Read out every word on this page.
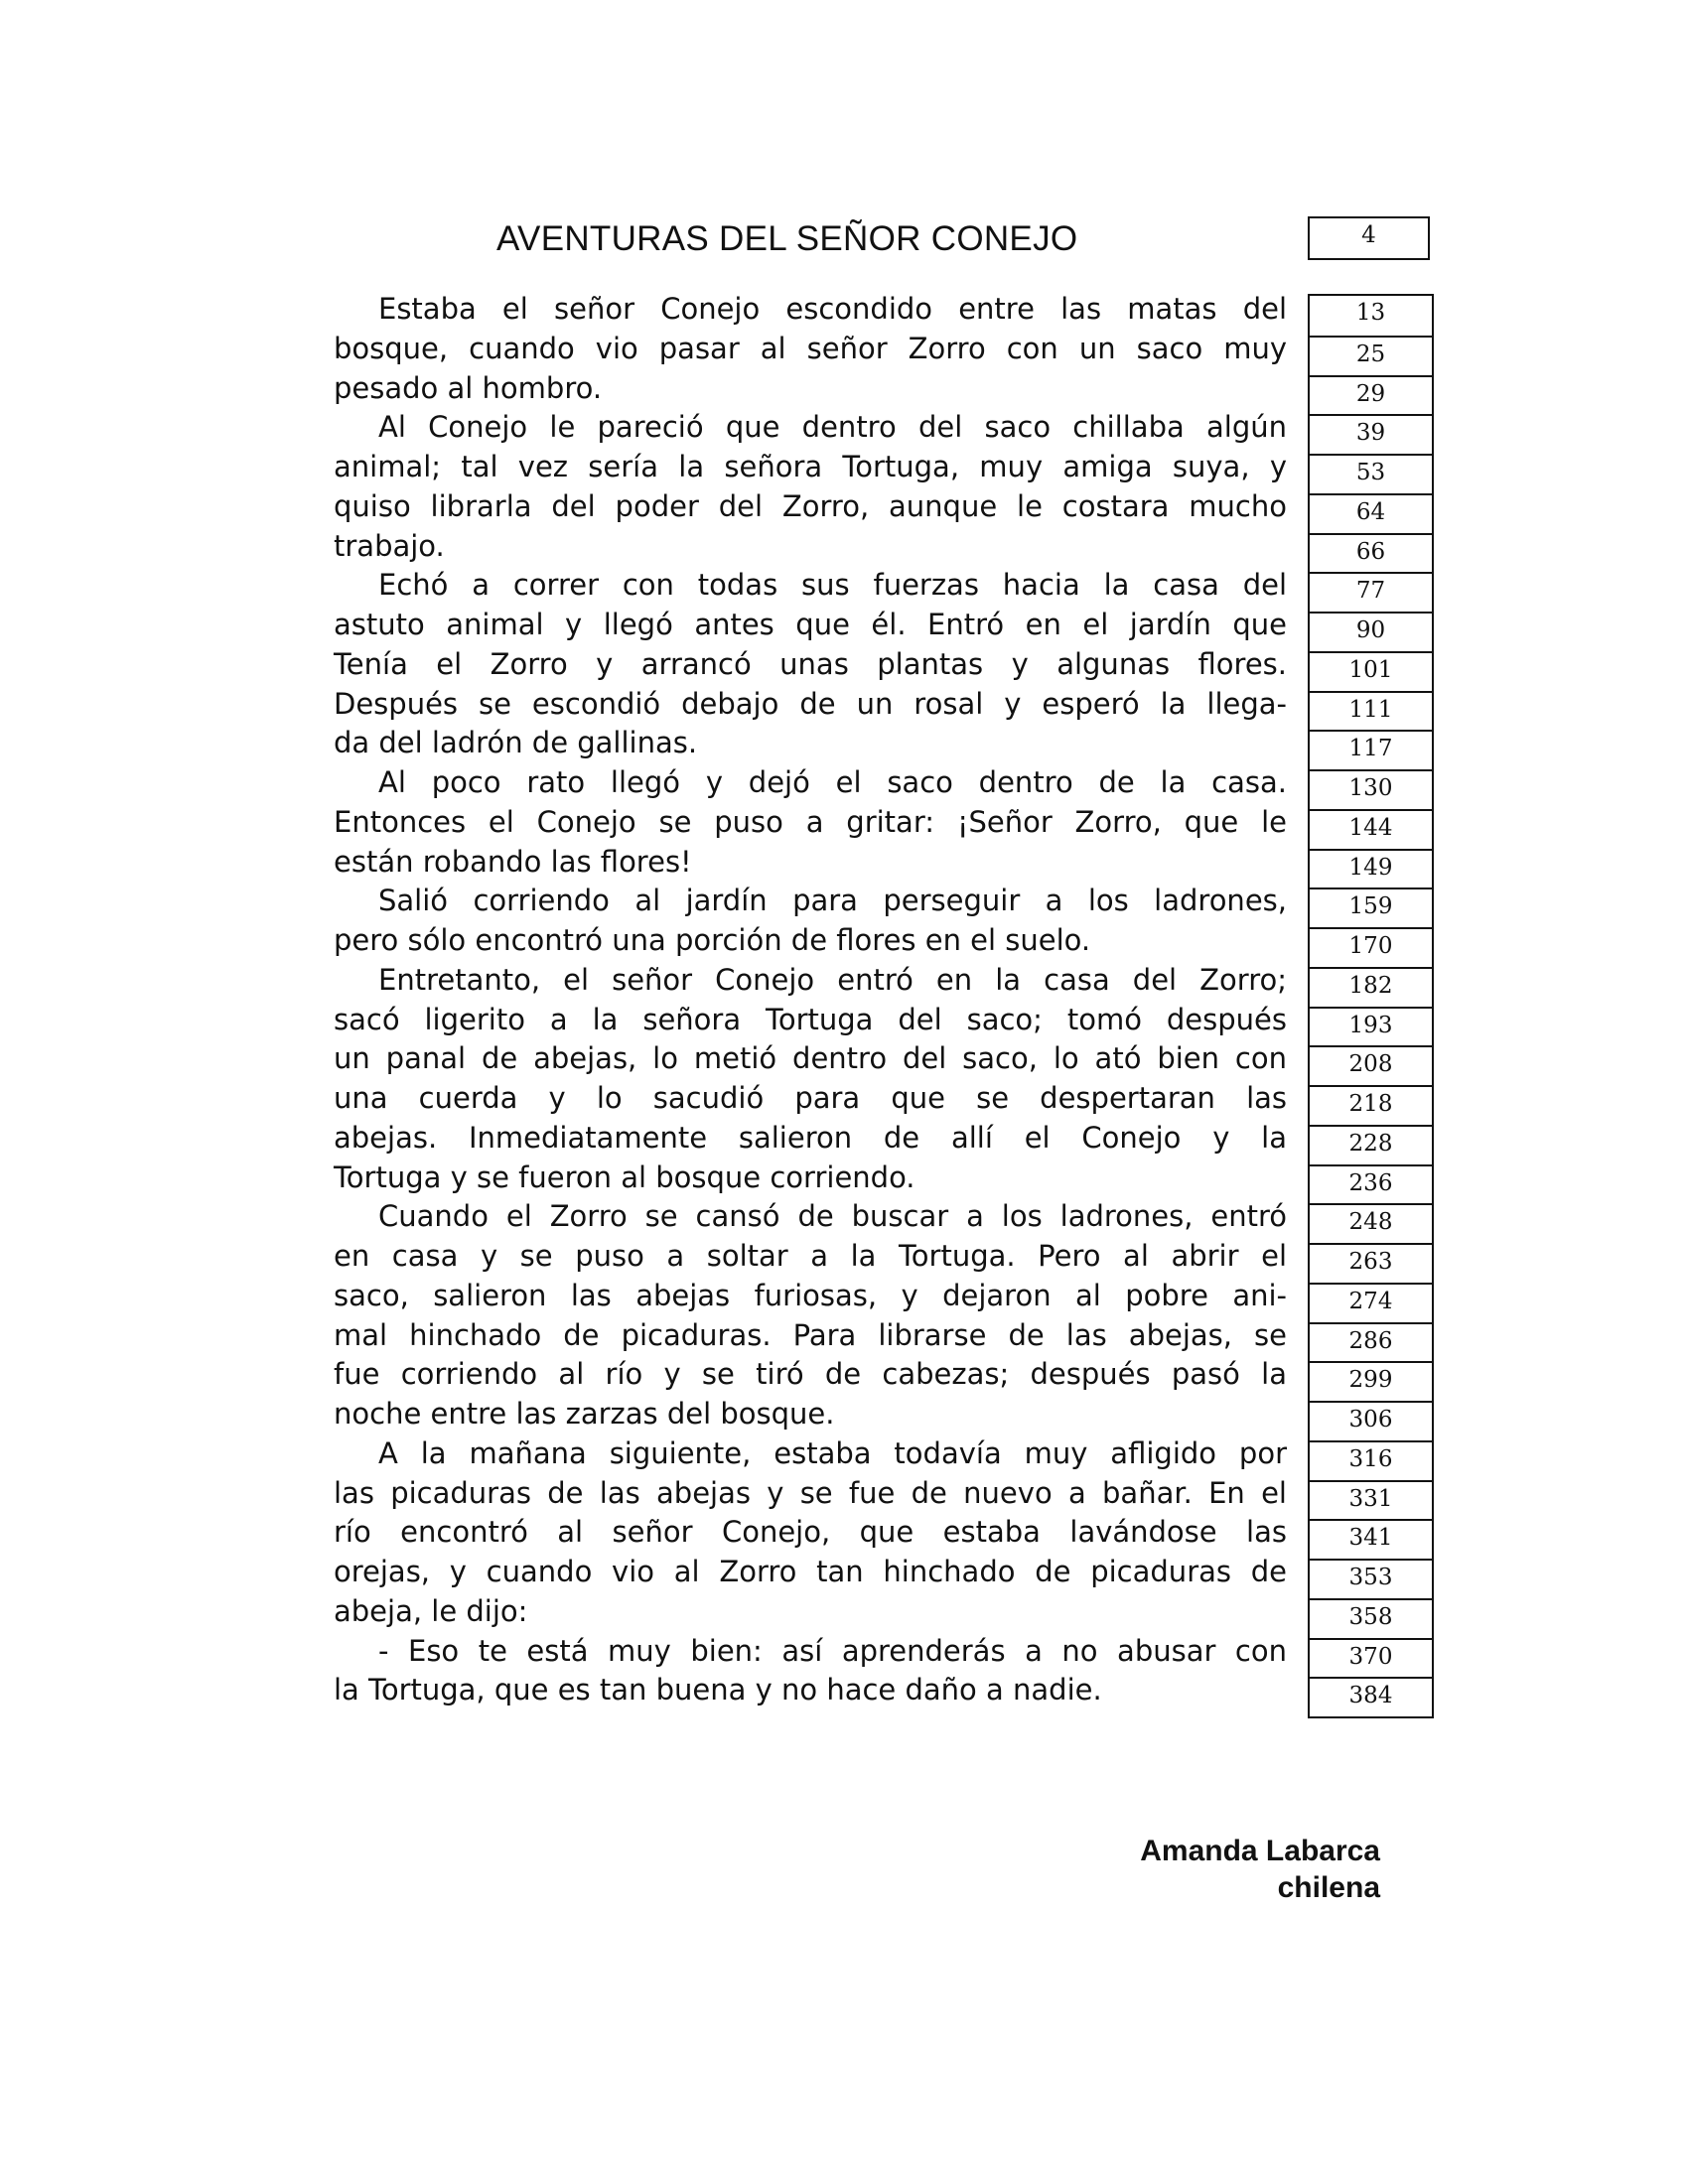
AVENTURAS DEL SEÑOR CONEJO	4
Estaba el señor Conejo escondido entre las matas del
bosque, cuando vio pasar al señor Zorro con un saco muy
pesado al hombro.
Al Conejo le pareció que dentro del saco chillaba algún
animal; tal vez sería la señora Tortuga, muy amiga suya, y
quiso librarla del poder del Zorro, aunque le costara mucho
trabajo.
Echó a correr con todas sus fuerzas hacia la casa del
astuto animal y llegó antes que él. Entró en el jardín que
Tenía el Zorro y arrancó unas plantas y algunas flores.
Después se escondió debajo de un rosal y esperó la llega-
da del ladrón de gallinas.
Al poco rato llegó y dejó el saco dentro de la casa.
Entonces el Conejo se puso a gritar: ¡Señor Zorro, que le
están robando las flores!
Salió corriendo al jardín para perseguir a los ladrones,
pero sólo encontró una porción de flores en el suelo.
Entretanto, el señor Conejo entró en la casa del Zorro;
sacó ligerito a la señora Tortuga del saco; tomó después
un panal de abejas, lo metió dentro del saco, lo ató bien con
una cuerda y lo sacudió para que se despertaran las
abejas. Inmediatamente salieron de allí el Conejo y la
Tortuga y se fueron al bosque corriendo.
Cuando el Zorro se cansó de buscar a los ladrones, entró
en casa y se puso a soltar a la Tortuga. Pero al abrir el
saco, salieron las abejas furiosas, y dejaron al pobre ani-
mal hinchado de picaduras. Para librarse de las abejas, se
fue corriendo al río y se tiró de cabezas; después pasó la
noche entre las zarzas del bosque.
A la mañana siguiente, estaba todavía muy afligido por
las picaduras de las abejas y se fue de nuevo a bañar. En el
río encontró al señor Conejo, que estaba lavándose las
orejas, y cuando vio al Zorro tan hinchado de picaduras de
abeja, le dijo:
- Eso te está muy bien: así aprenderás a no abusar con
la Tortuga, que es tan buena y no hace daño a nadie.
13
25
29
39
53
64
66
77
90
101
111
117
130
144
149
159
170
182
193
208
218
228
236
248
263
274
286
299
306
316
331
341
353
358
370
384
Amanda Labarca
chilena
